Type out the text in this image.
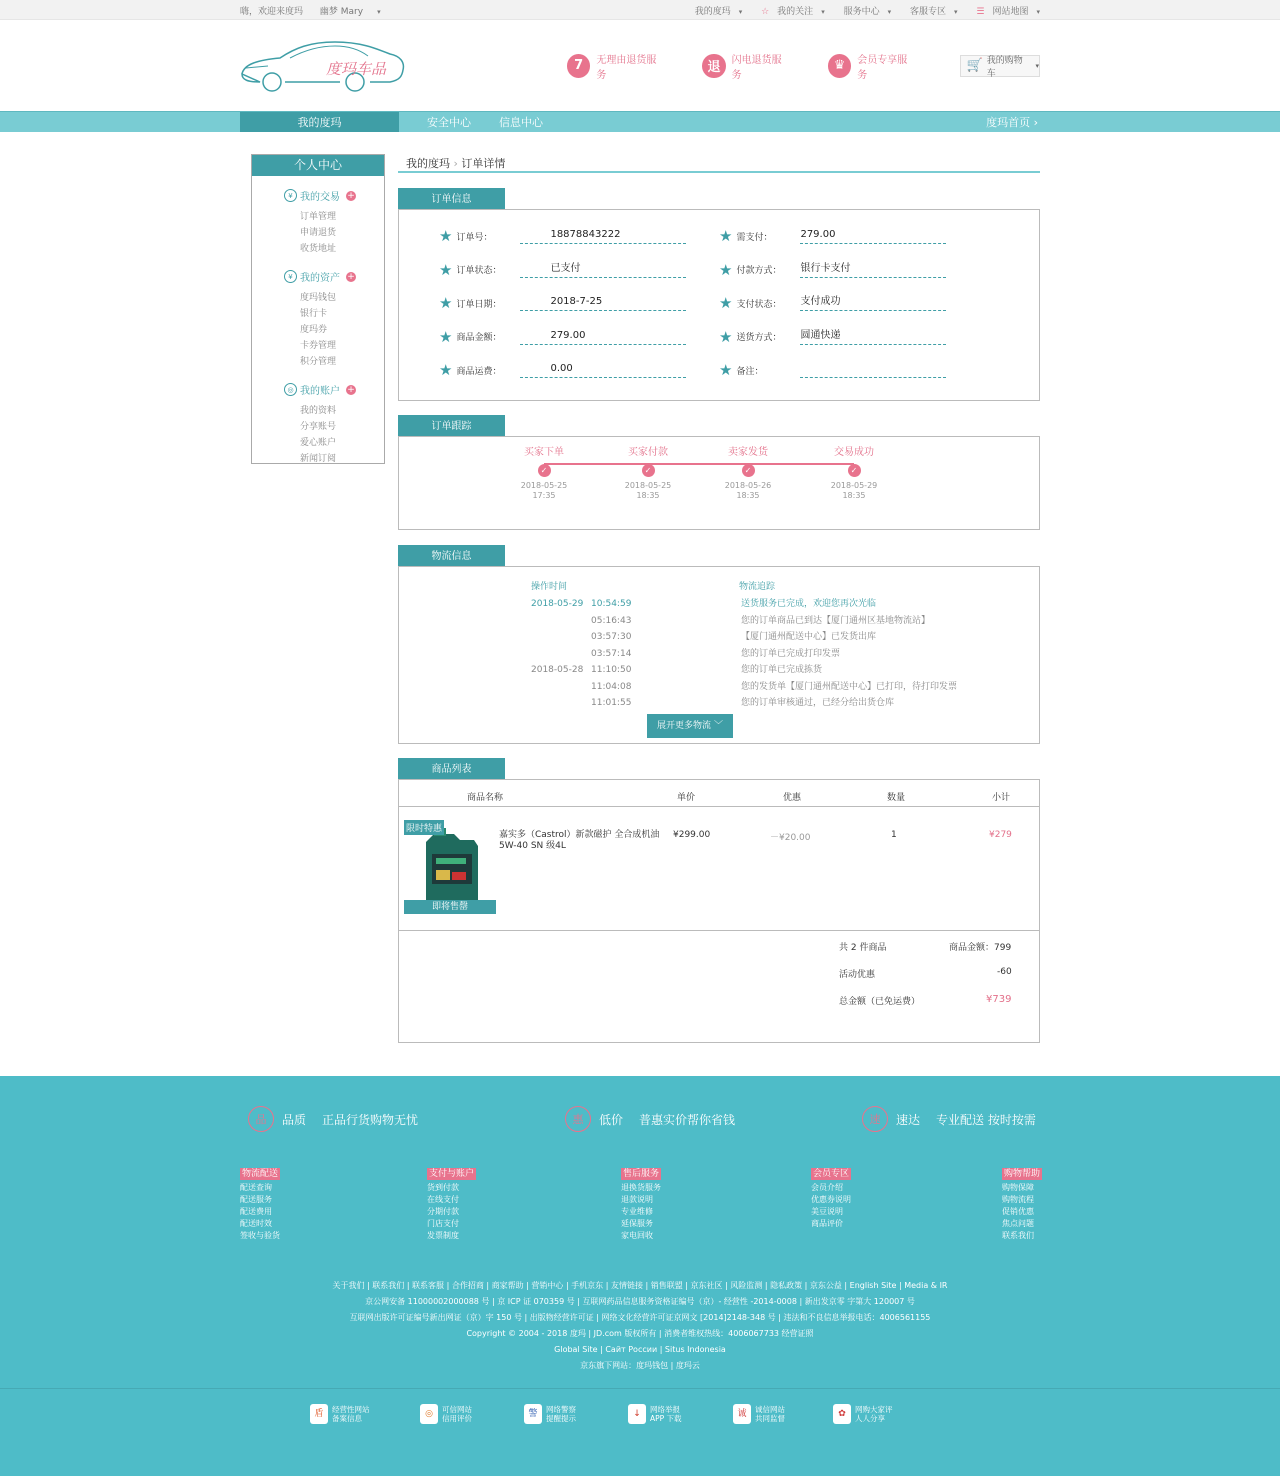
嗨，欢迎来度玛 幽梦 Mary ▾	我的度玛 ▾ ☆ 我的关注 ▾ 服务中心 ▾ 客服专区 ▾ ☰ 网站地图 ▾
度玛车品	7	无理由退货服务	退	闪电退货服务
♛	会员专享服务
🛒 我的购物车
▾
我的度玛	安全中心	信息中心	度玛首页 ›
个人中心
¥ 我的交易 +
订单管理
申请退货
收货地址
¥ 我的资产 +
度玛钱包
银行卡
度玛券
卡券管理
积分管理
◎ 我的账户 +
我的资料
分享账号
爱心账户
新闻订阅
我的度玛 › 订单详情
订单信息
★ 订单号：	18878843222
★ 订单状态：	已支付
★ 订单日期：	2018-7-25
★ 商品金额：	279.00
★ 商品运费：	0.00
★ 需支付：	279.00
★ 付款方式：	银行卡支付
★ 支付状态：	支付成功
★ 送货方式：	圆通快递
★ 备注：
订单跟踪
买家下单
✓
2018-05-25
17:35
买家付款
✓
2018-05-25
18:35
卖家发货
✓
2018-05-26
18:35
交易成功
✓
2018-05-29
18:35
物流信息
操作时间	物流追踪
2018-05-29 10:54:59	送货服务已完成，欢迎您再次光临
05:16:43	您的订单商品已到达【厦门通州区基地物流站】
03:57:30	【厦门通州配送中心】已发货出库
03:57:14	您的订单已完成打印发票
2018-05-28 11:10:50	您的订单已完成拣货
11:04:08	您的发货单【厦门通州配送中心】已打印，待打印发票
11:01:55	您的订单审核通过，已经分给出货仓库
展开更多物流 ﹀
商品列表
商品名称	单价	优惠	数量	小计
限时特惠
即将售罄
嘉实多（Castrol）新款磁护 全合成机油 5W-40 SN 级4L
¥299.00	－¥20.00	1	¥279
共 2 件商品	商品金额：799
活动优惠	-60
总金额（已免运费）	¥739
品	品质 正品行货购物无忧	惠	低价 普惠实价帮你省钱	速	速达 专业配送 按时按需
物流配送
配送查询
配送服务
配送费用
配送时效
签收与验货
支付与账户
货到付款
在线支付
分期付款
门店支付
发票制度
售后服务
退换货服务
退款说明
专业维修
延保服务
家电回收
会员专区
会员介绍
优惠券说明
美豆说明
商品评价
购物帮助
购物保障
购物流程
促销优惠
焦点问题
联系我们
关于我们 | 联系我们 | 联系客服 | 合作招商 | 商家帮助 | 营销中心 | 手机京东 | 友情链接 | 销售联盟 | 京东社区 | 风险监测 | 隐私政策 | 京东公益 | English Site | Media & IR
京公网安备 11000002000088 号 | 京 ICP 证 070359 号 | 互联网药品信息服务资格证编号（京）- 经营性 -2014-0008 | 新出发京零 字第大 120007 号
互联网出版许可证编号新出网证（京）字 150 号 | 出版物经营许可证 | 网络文化经营许可证京网文 [2014]2148-348 号 | 违法和不良信息举报电话：4006561155
Copyright © 2004 - 2018 度玛 | JD.com 版权所有 | 消费者维权热线：4006067733 经营证照
Global Site | Сайт России | Situs Indonesia
京东旗下网站：度玛钱包 | 度玛云
盾	经营性网站
备案信息	◎	可信网站
信用评价	警	网络警察
提醒提示	↓	网络举报
APP 下载	诚	诚信网站
共同监督	✿	网购大家评
人人分享
